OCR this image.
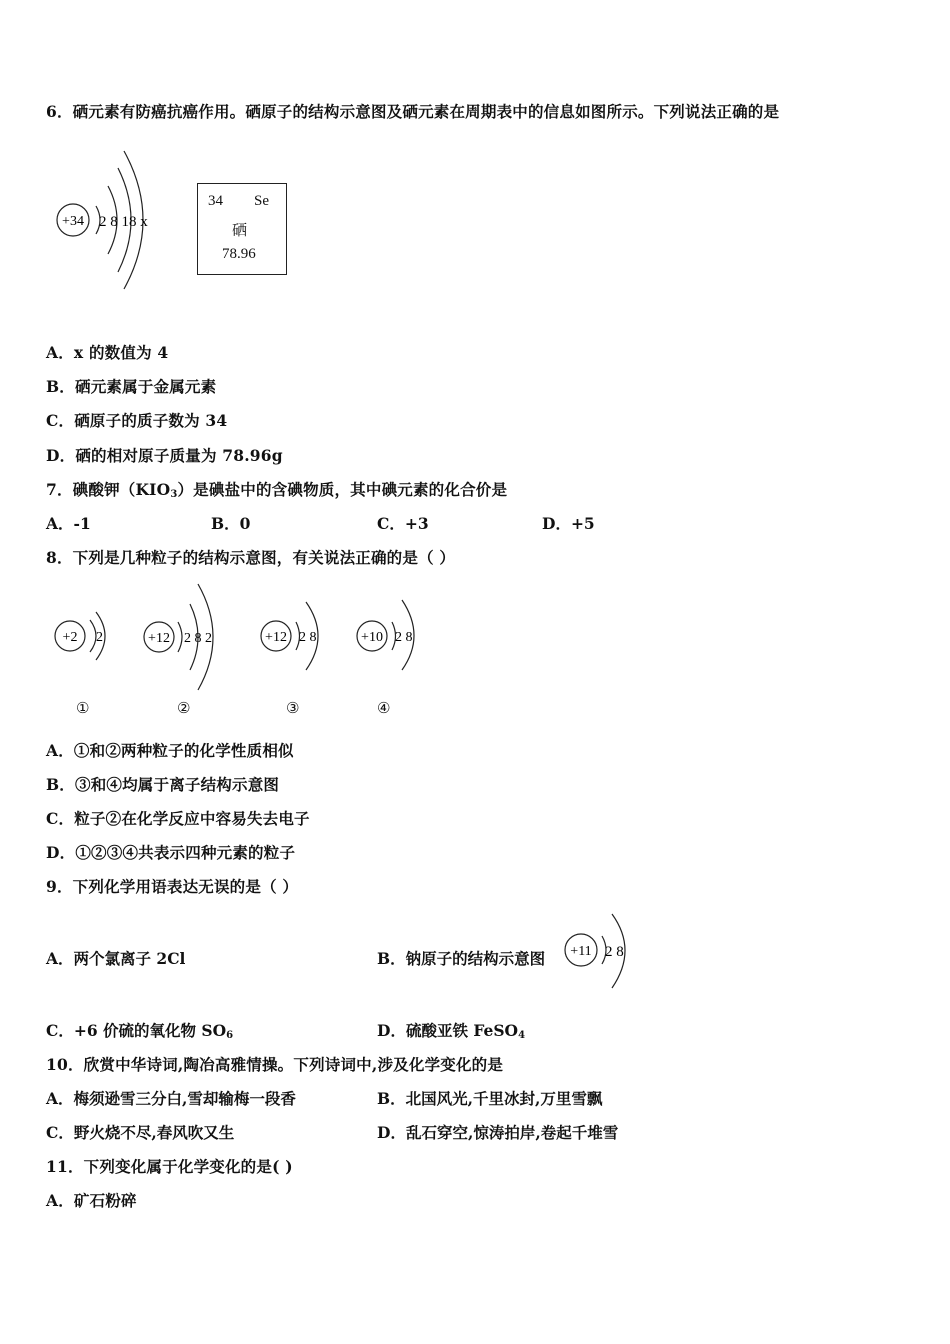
6．硒元素有防癌抗癌作用。硒原子的结构示意图及硒元素在周期表中的信息如图所示。下列说法正确的是
+34 2 8 18 x
34 Se
硒
78.96
A．x 的数值为 4
B．硒元素属于金属元素
C．硒原子的质子数为 34
D．硒的相对原子质量为 78.96g
7．碘酸钾$(KIO_3)$是碘盐中的含碘物质，其中碘元素的化合价是
A．-1	B．0	C．+3	D．+5
8．下列是几种粒子的结构示意图，有关说法正确的是（ ）
+2 2	+12 2 8 2	+12 2 8	+10 2 8
①	②	③	④
A．①和②两种粒子的化学性质相似
B．③和④均属于离子结构示意图
C．粒子②在化学反应中容易失去电子
D．①②③④共表示四种元素的粒子
9．下列化学用语表达无误的是（ ）
A．两个氯离子 2Cl	B．钠原子的结构示意图 +11 2 8
C．+6 价硫的氧化物 $SO_6$	D．硫酸亚铁 FeSO$_4$
10．欣赏中华诗词,陶冶高雅情操。下列诗词中,涉及化学变化的是
A．梅须逊雪三分白,雪却输梅一段香	B．北国风光,千里冰封,万里雪飘
C．野火烧不尽,春风吹又生	D．乱石穿空,惊涛拍岸,卷起千堆雪
11．下列变化属于化学变化的是( )
A．矿石粉碎
